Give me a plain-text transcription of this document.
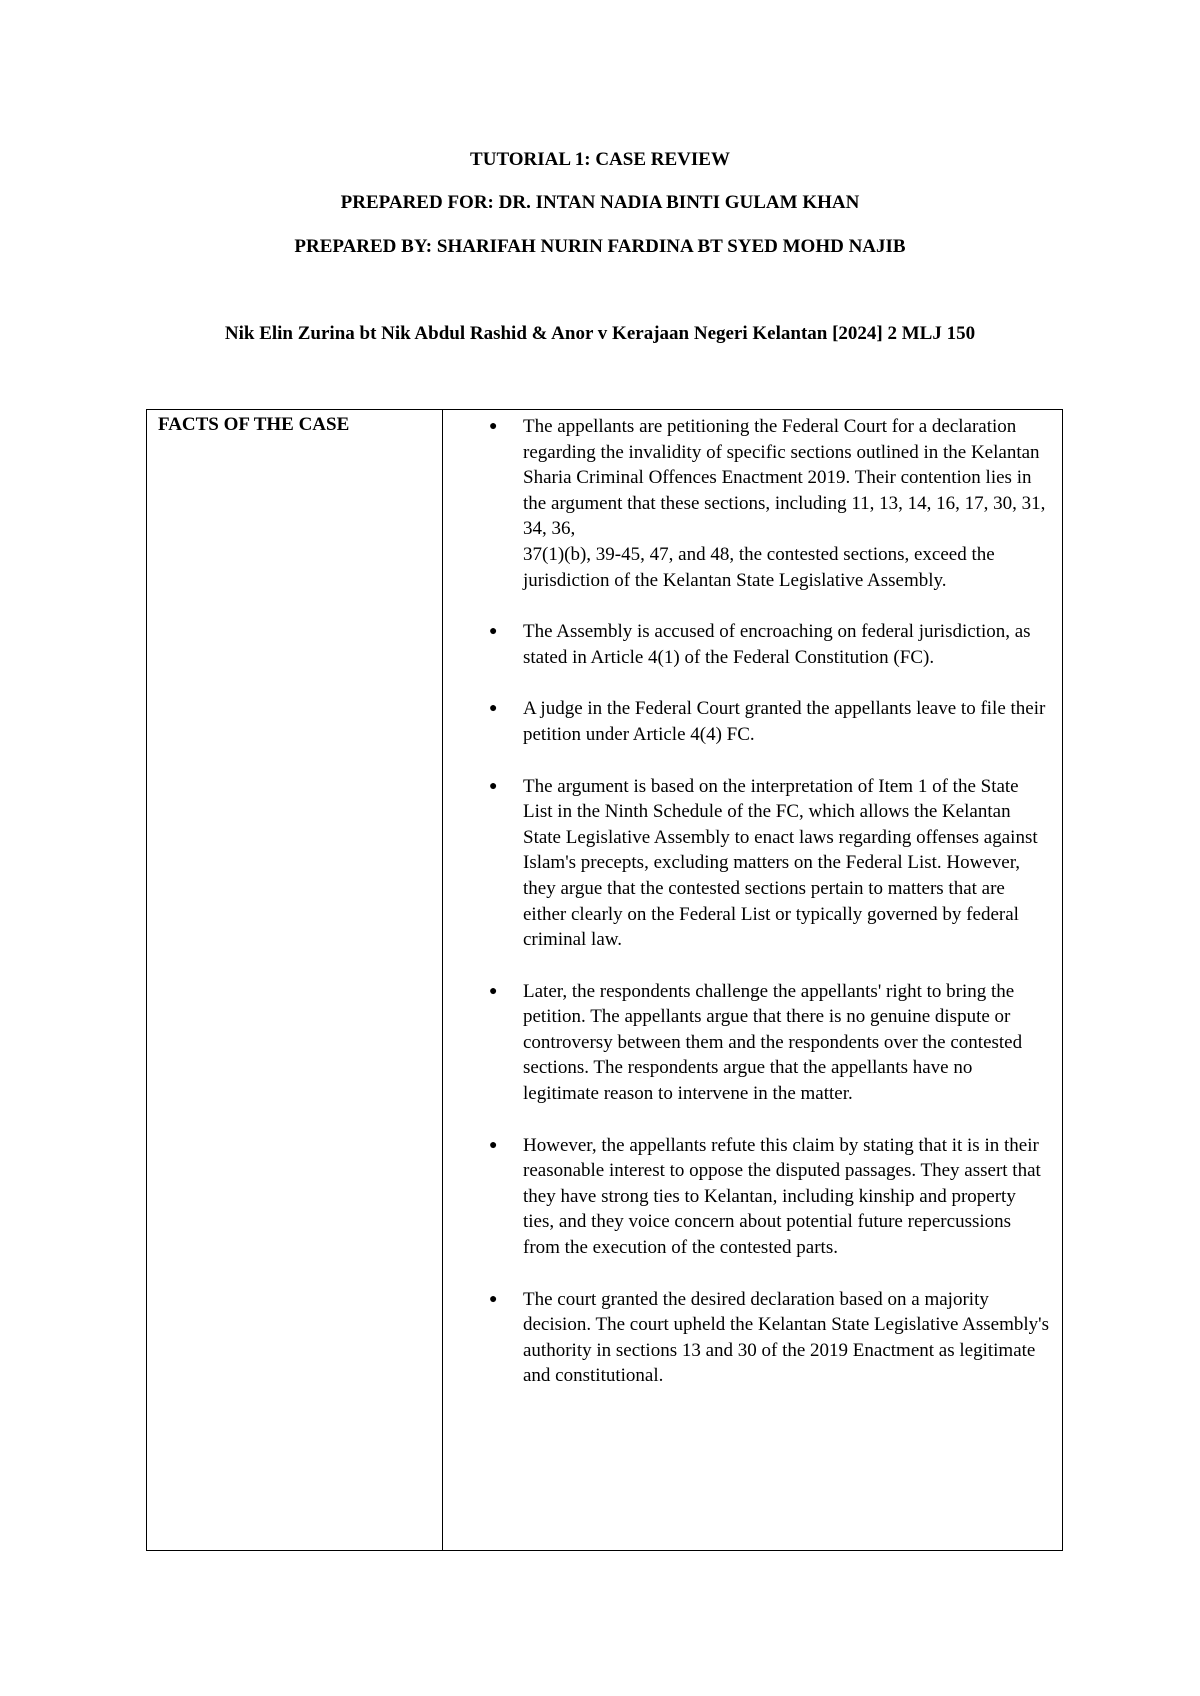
TUTORIAL 1: CASE REVIEW
PREPARED FOR: DR. INTAN NADIA BINTI GULAM KHAN
PREPARED BY: SHARIFAH NURIN FARDINA BT SYED MOHD NAJIB
Nik Elin Zurina bt Nik Abdul Rashid & Anor v Kerajaan Negeri Kelantan [2024] 2 MLJ 150
FACTS OF THE CASE	● The appellants are petitioning the Federal Court for a declaration regarding the invalidity of specific sections outlined in the Kelantan Sharia Criminal Offences Enactment 2019. Their contention lies in the argument that these sections, including 11, 13, 14, 16, 17, 30, 31, 34, 36,
37(1)(b), 39-45, 47, and 48, the contested sections, exceed the jurisdiction of the Kelantan State Legislative Assembly.
● The Assembly is accused of encroaching on federal jurisdiction, as stated in Article 4(1) of the Federal Constitution (FC).
● A judge in the Federal Court granted the appellants leave to file their petition under Article 4(4) FC.
● The argument is based on the interpretation of Item 1 of the State List in the Ninth Schedule of the FC, which allows the Kelantan State Legislative Assembly to enact laws regarding offenses against Islam's precepts, excluding matters on the Federal List. However, they argue that the contested sections pertain to matters that are either clearly on the Federal List or typically governed by federal criminal law.
● Later, the respondents challenge the appellants' right to bring the petition. The appellants argue that there is no genuine dispute or controversy between them and the respondents over the contested sections. The respondents argue that the appellants have no legitimate reason to intervene in the matter.
● However, the appellants refute this claim by stating that it is in their reasonable interest to oppose the disputed passages. They assert that they have strong ties to Kelantan, including kinship and property ties, and they voice concern about potential future repercussions from the execution of the contested parts.
● The court granted the desired declaration based on a majority decision. The court upheld the Kelantan State Legislative Assembly's authority in sections 13 and 30 of the 2019 Enactment as legitimate and constitutional.
